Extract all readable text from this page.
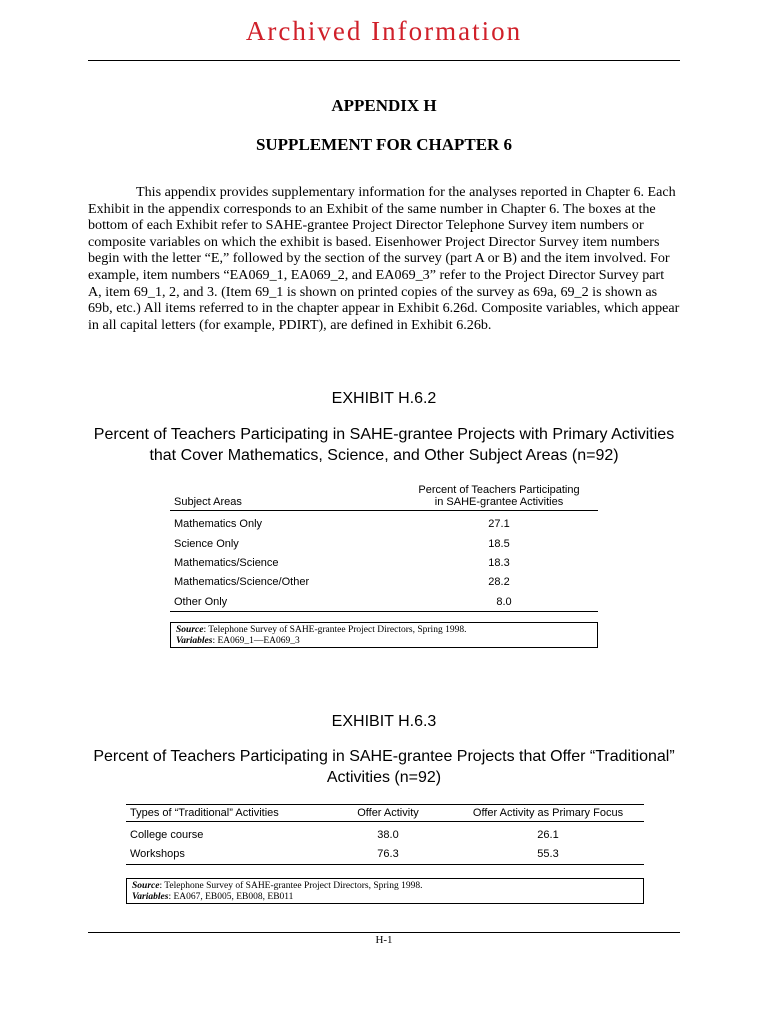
Archived Information
APPENDIX H
SUPPLEMENT FOR CHAPTER 6

This appendix provides supplementary information for the analyses reported in Chapter 6. Each Exhibit in the appendix corresponds to an Exhibit of the same number in Chapter 6. The boxes at the bottom of each Exhibit refer to SAHE-grantee Project Director Telephone Survey item numbers or composite variables on which the exhibit is based. Eisenhower Project Director Survey item numbers begin with the letter “E,” followed by the section of the survey (part A or B) and the item involved. For example, item numbers “EA069_1, EA069_2, and EA069_3” refer to the Project Director Survey part A, item 69_1, 2, and 3. (Item 69_1 is shown on printed copies of the survey as 69a, 69_2 is shown as 69b, etc.) All items referred to in the chapter appear in Exhibit 6.26d. Composite variables, which appear in all capital letters (for example, PDIRT), are defined in Exhibit 6.26b.

EXHIBIT H.6.2
Percent of Teachers Participating in SAHE-grantee Projects with Primary Activities
that Cover Mathematics, Science, and Other Subject Areas (n=92)
Subject Areas	Percent of Teachers Participating
in SAHE-grantee Activities

Mathematics Only	27.1
Science Only	18.5
Mathematics/Science	18.3
Mathematics/Science/Other	28.2
Other Only	8.0
Source: Telephone Survey of SAHE-grantee Project Directors, Spring 1998.
Variables: EA069_1—EA069_3
EXHIBIT H.6.3
Percent of Teachers Participating in SAHE-grantee Projects that Offer “Traditional”
Activities (n=92)
Types of “Traditional” Activities	Offer Activity	Offer Activity as Primary Focus
College course	38.0	26.1
Workshops	76.3	55.3
Source: Telephone Survey of SAHE-grantee Project Directors, Spring 1998.
Variables: EA067, EB005, EB008, EB011
H-1
